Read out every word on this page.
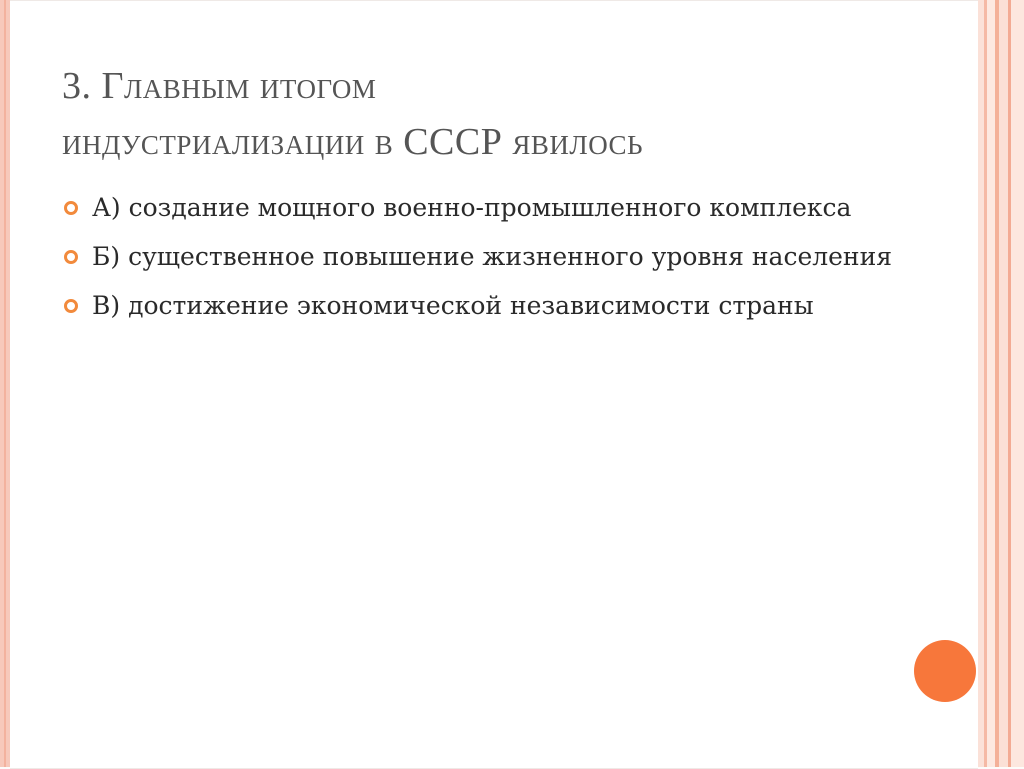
3. Главным итогом
индустриализации в СССР явилось
А) создание мощного военно-промышленного комплекса
Б) существенное повышение жизненного уровня населения
В) достижение экономической независимости страны
